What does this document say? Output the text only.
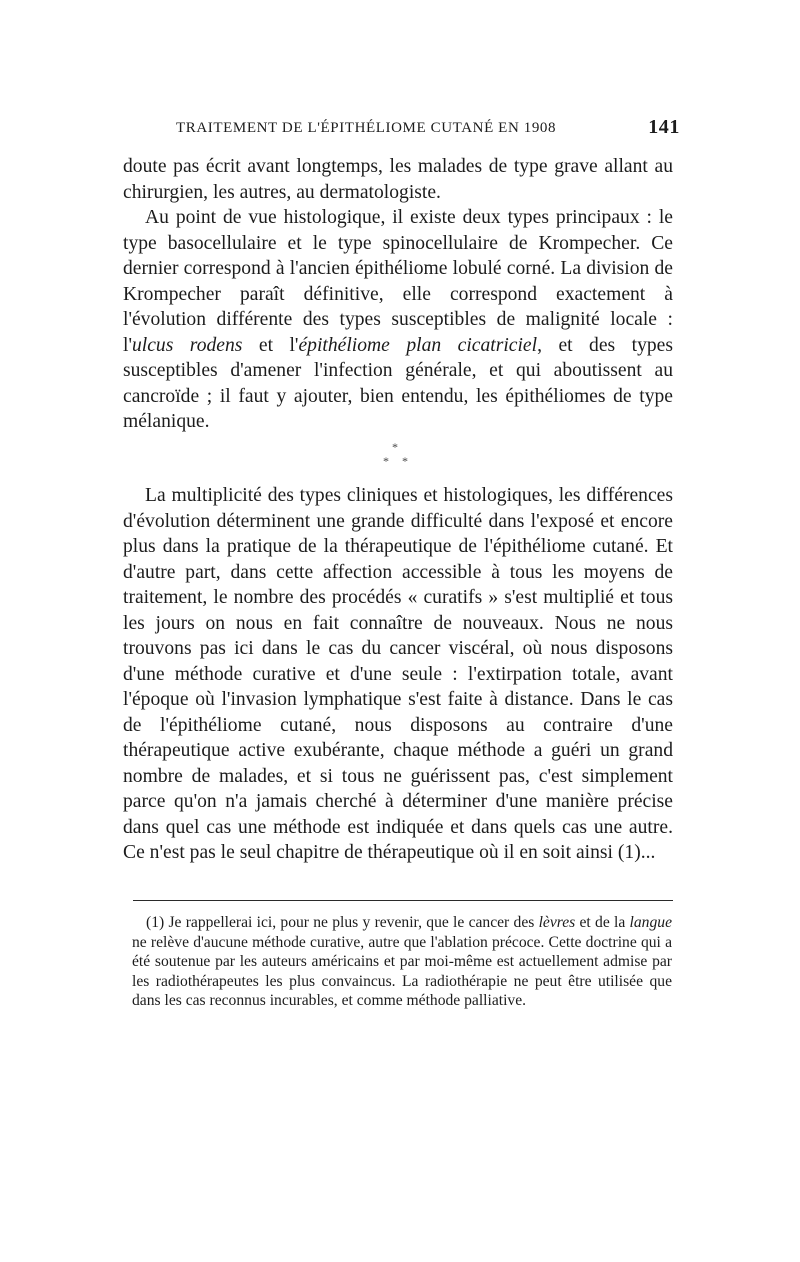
TRAITEMENT DE L'ÉPITHÉLIOME CUTANÉ EN 1908	141

doute pas écrit avant longtemps, les malades de type grave allant au chirurgien, les autres, au dermatologiste.

Au point de vue histologique, il existe deux types principaux : le type basocellulaire et le type spinocellulaire de Krompecher. Ce dernier correspond à l'ancien épithéliome lobulé corné. La division de Krompecher paraît définitive, elle correspond exactement à l'évolution différente des types susceptibles de malignité locale : l'ulcus rodens et l'épithéliome plan cicatriciel, et des types susceptibles d'amener l'infection générale, et qui aboutissent au cancroïde ; il faut y ajouter, bien entendu, les épithéliomes de type mélanique.

*
* *

La multiplicité des types cliniques et histologiques, les différences d'évolution déterminent une grande difficulté dans l'exposé et encore plus dans la pratique de la thérapeutique de l'épithéliome cutané. Et d'autre part, dans cette affection accessible à tous les moyens de traitement, le nombre des procédés « curatifs » s'est multiplié et tous les jours on nous en fait connaître de nouveaux. Nous ne nous trouvons pas ici dans le cas du cancer viscéral, où nous disposons d'une méthode curative et d'une seule : l'extirpation totale, avant l'époque où l'invasion lymphatique s'est faite à distance. Dans le cas de l'épithéliome cutané, nous disposons au contraire d'une thérapeutique active exubérante, chaque méthode a guéri un grand nombre de malades, et si tous ne guérissent pas, c'est simplement parce qu'on n'a jamais cherché à déterminer d'une manière précise dans quel cas une méthode est indiquée et dans quels cas une autre. Ce n'est pas le seul chapitre de thérapeutique où il en soit ainsi (1)...

(1) Je rappellerai ici, pour ne plus y revenir, que le cancer des lèvres et de la langue ne relève d'aucune méthode curative, autre que l'ablation précoce. Cette doctrine qui a été soutenue par les auteurs américains et par moi-même est actuellement admise par les radiothérapeutes les plus convaincus. La radiothérapie ne peut être utilisée que dans les cas reconnus incurables, et comme méthode palliative.
